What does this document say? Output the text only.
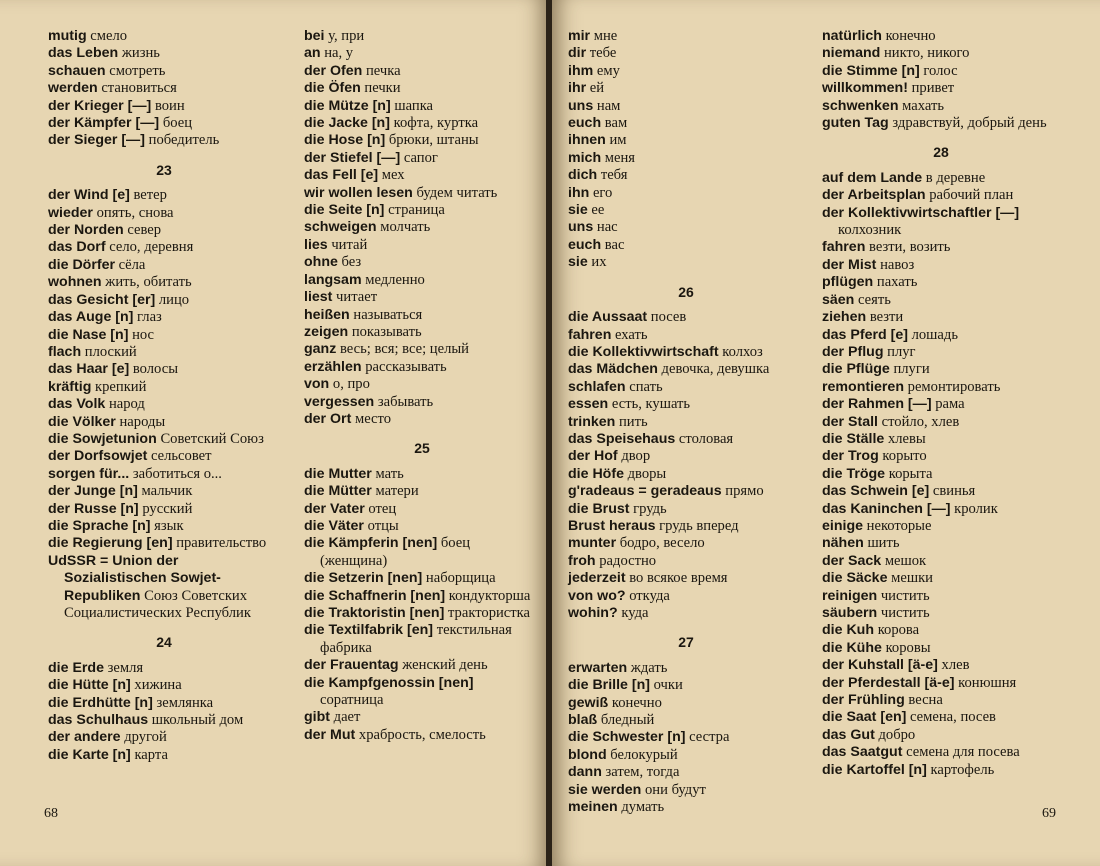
mutig смело
das Leben жизнь
schauen смотреть
werden становиться
der Krieger [—] воин
der Kämpfer [—] боец
der Sieger [—] победитель
23
der Wind [e] ветер
wieder опять, снова
der Norden север
das Dorf село, деревня
die Dörfer сёла
wohnen жить, обитать
das Gesicht [er] лицо
das Auge [n] глаз
die Nase [n] нос
flach плоский
das Haar [e] волосы
kräftig крепкий
das Volk народ
die Völker народы
die Sowjetunion Советский Союз
der Dorfsowjet сельсовет
sorgen für... заботиться о...
der Junge [n] мальчик
der Russe [n] русский
die Sprache [n] язык
die Regierung [en] правительство
UdSSR = Union der Sozialistischen Sowjet-Republiken Союз Советских Социалистических Республик
24
die Erde земля
die Hütte [n] хижина
die Erdhütte [n] землянка
das Schulhaus школьный дом
der andere другой
die Karte [n] карта
bei у, при
an на, у
der Ofen печка
die Öfen печки
die Mütze [n] шапка
die Jacke [n] кофта, куртка
die Hose [n] брюки, штаны
der Stiefel [—] сапог
das Fell [e] мех
wir wollen lesen будем читать
die Seite [n] страница
schweigen молчать
lies читай
ohne без
langsam медленно
liest читает
heißen называться
zeigen показывать
ganz весь; вся; все; целый
erzählen рассказывать
von о, про
vergessen забывать
der Ort место
25
die Mutter мать
die Mütter матери
der Vater отец
die Väter отцы
die Kämpferin [nen] боец (женщина)
die Setzerin [nen] наборщица
die Schaffnerin [nen] кондукторша
die Traktoristin [nen] трактористка
die Textilfabrik [en] текстильная фабрика
der Frauentag женский день
die Kampfgenossin [nen] соратница
gibt дает
der Mut храбрость, смелость
68
mir мне
dir тебе
ihm ему
ihr ей
uns нам
euch вам
ihnen им
mich меня
dich тебя
ihn его
sie ее
uns нас
euch вас
sie их
26
die Aussaat посев
fahren ехать
die Kollektivwirtschaft колхоз
das Mädchen девочка, девушка
schlafen спать
essen есть, кушать
trinken пить
das Speisehaus столовая
der Hof двор
die Höfe дворы
g'radeaus = geradeaus прямо
die Brust грудь
Brust heraus грудь вперед
munter бодро, весело
froh радостно
jederzeit во всякое время
von wo? откуда
wohin? куда
27
erwarten ждать
die Brille [n] очки
gewiß конечно
blaß бледный
die Schwester [n] сестра
blond белокурый
dann затем, тогда
sie werden они будут
meinen думать
natürlich конечно
niemand никто, никого
die Stimme [n] голос
willkommen! привет
schwenken махать
guten Tag здравствуй, добрый день
28
auf dem Lande в деревне
der Arbeitsplan рабочий план
der Kollektivwirtschaftler [—] колхозник
fahren везти, возить
der Mist навоз
pflügen пахать
säen сеять
ziehen везти
das Pferd [e] лошадь
der Pflug плуг
die Pflüge плуги
remontieren ремонтировать
der Rahmen [—] рама
der Stall стойло, хлев
die Ställe хлевы
der Trog корыто
die Tröge корыта
das Schwein [e] свинья
das Kaninchen [—] кролик
einige некоторые
nähen шить
der Sack мешок
die Säcke мешки
reinigen чистить
säubern чистить
die Kuh корова
die Kühe коровы
der Kuhstall [ä-e] хлев
der Pferdestall [ä-e] конюшня
der Frühling весна
die Saat [en] семена, посев
das Gut добро
das Saatgut семена для посева
die Kartoffel [n] картофель
69
